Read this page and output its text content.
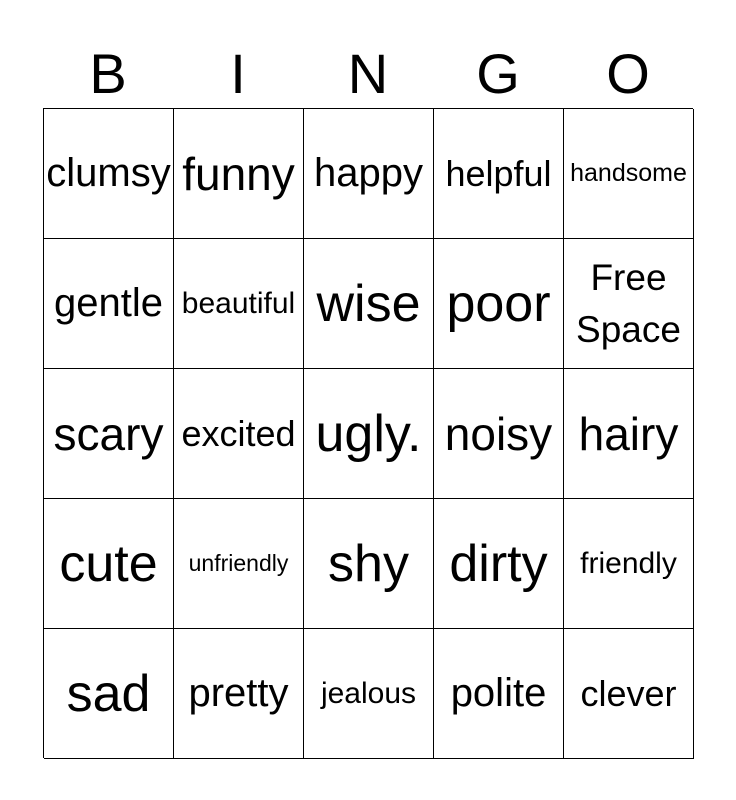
B	I	N	G	O
clumsy funny happy helpful handsome
gentle beautiful wise poor	Free Space
scary excited ugly. noisy hairy
cute unfriendly shy dirty friendly
sad pretty jealous polite clever
